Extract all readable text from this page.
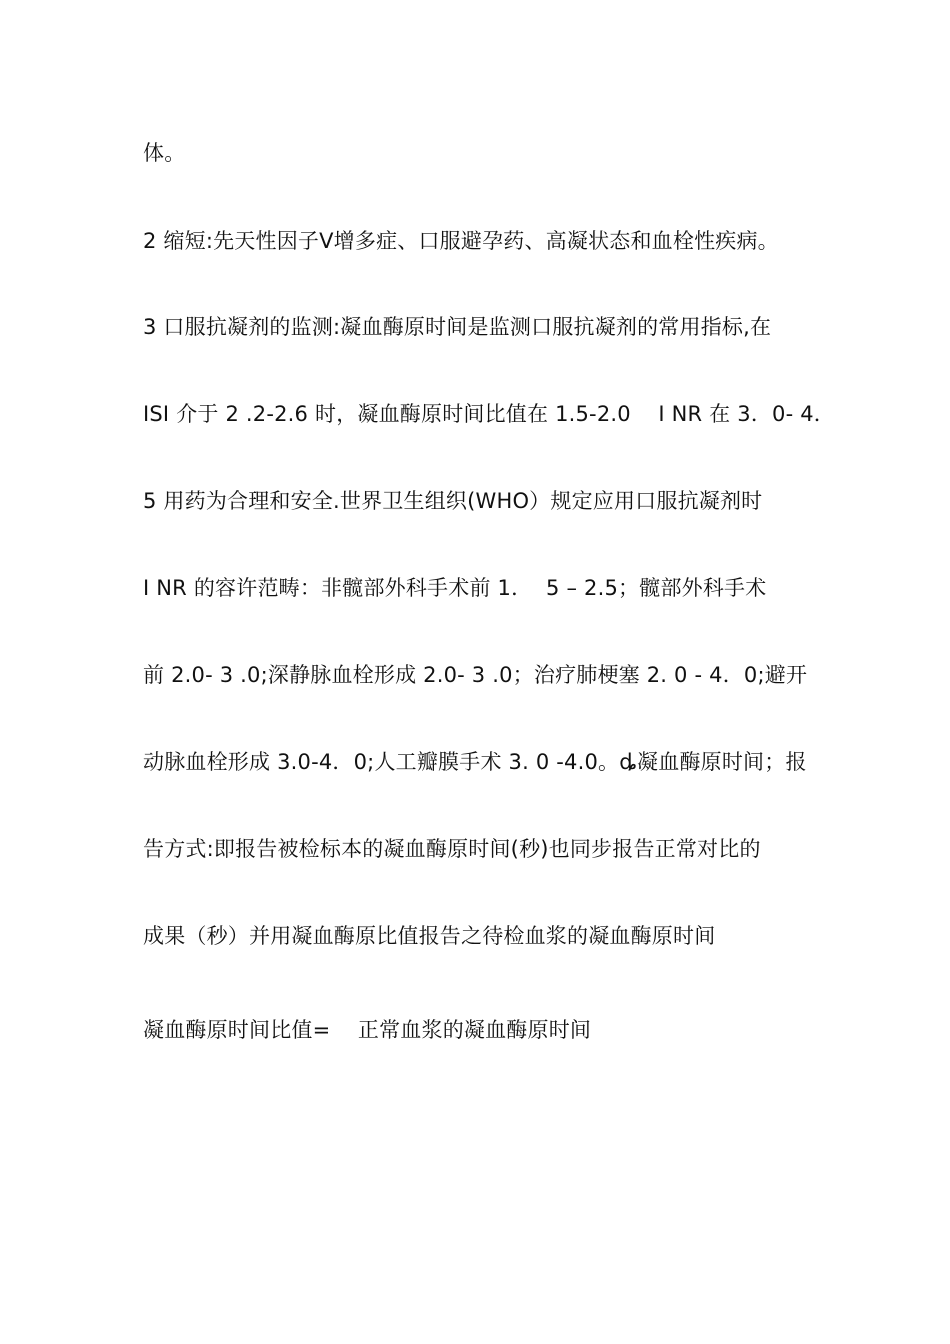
体。
2 缩短:先天性因子Ⅴ增多症、口服避孕药、高凝状态和血栓性疾病。
3 口服抗凝剂的监测:凝血酶原时间是监测口服抗凝剂的常用指标,在
ISI 介于 2 .2-2.6 时，凝血酶原时间比值在 1.5-2.0    I NR 在 3．0- 4．
5 用药为合理和安全.世界卫生组织(WHO）规定应用口服抗凝剂时
I NR 的容许范畴：非髋部外科手术前 1．  5 – 2.5；髋部外科手术
前 2.0- 3 .0;深静脉血栓形成 2.0- 3 .0；治疗肺梗塞 2. 0 - 4．0;避开
动脉血栓形成 3.0-4．0;人工瓣膜手术 3. 0 -4.0。ȡ凝血酶原时间；报
告方式:即报告被检标本的凝血酶原时间(秒)也同步报告正常对比的
成果（秒）并用凝血酶原比值报告之待检血浆的凝血酶原时间
凝血酶原时间比值=    正常血浆的凝血酶原时间
